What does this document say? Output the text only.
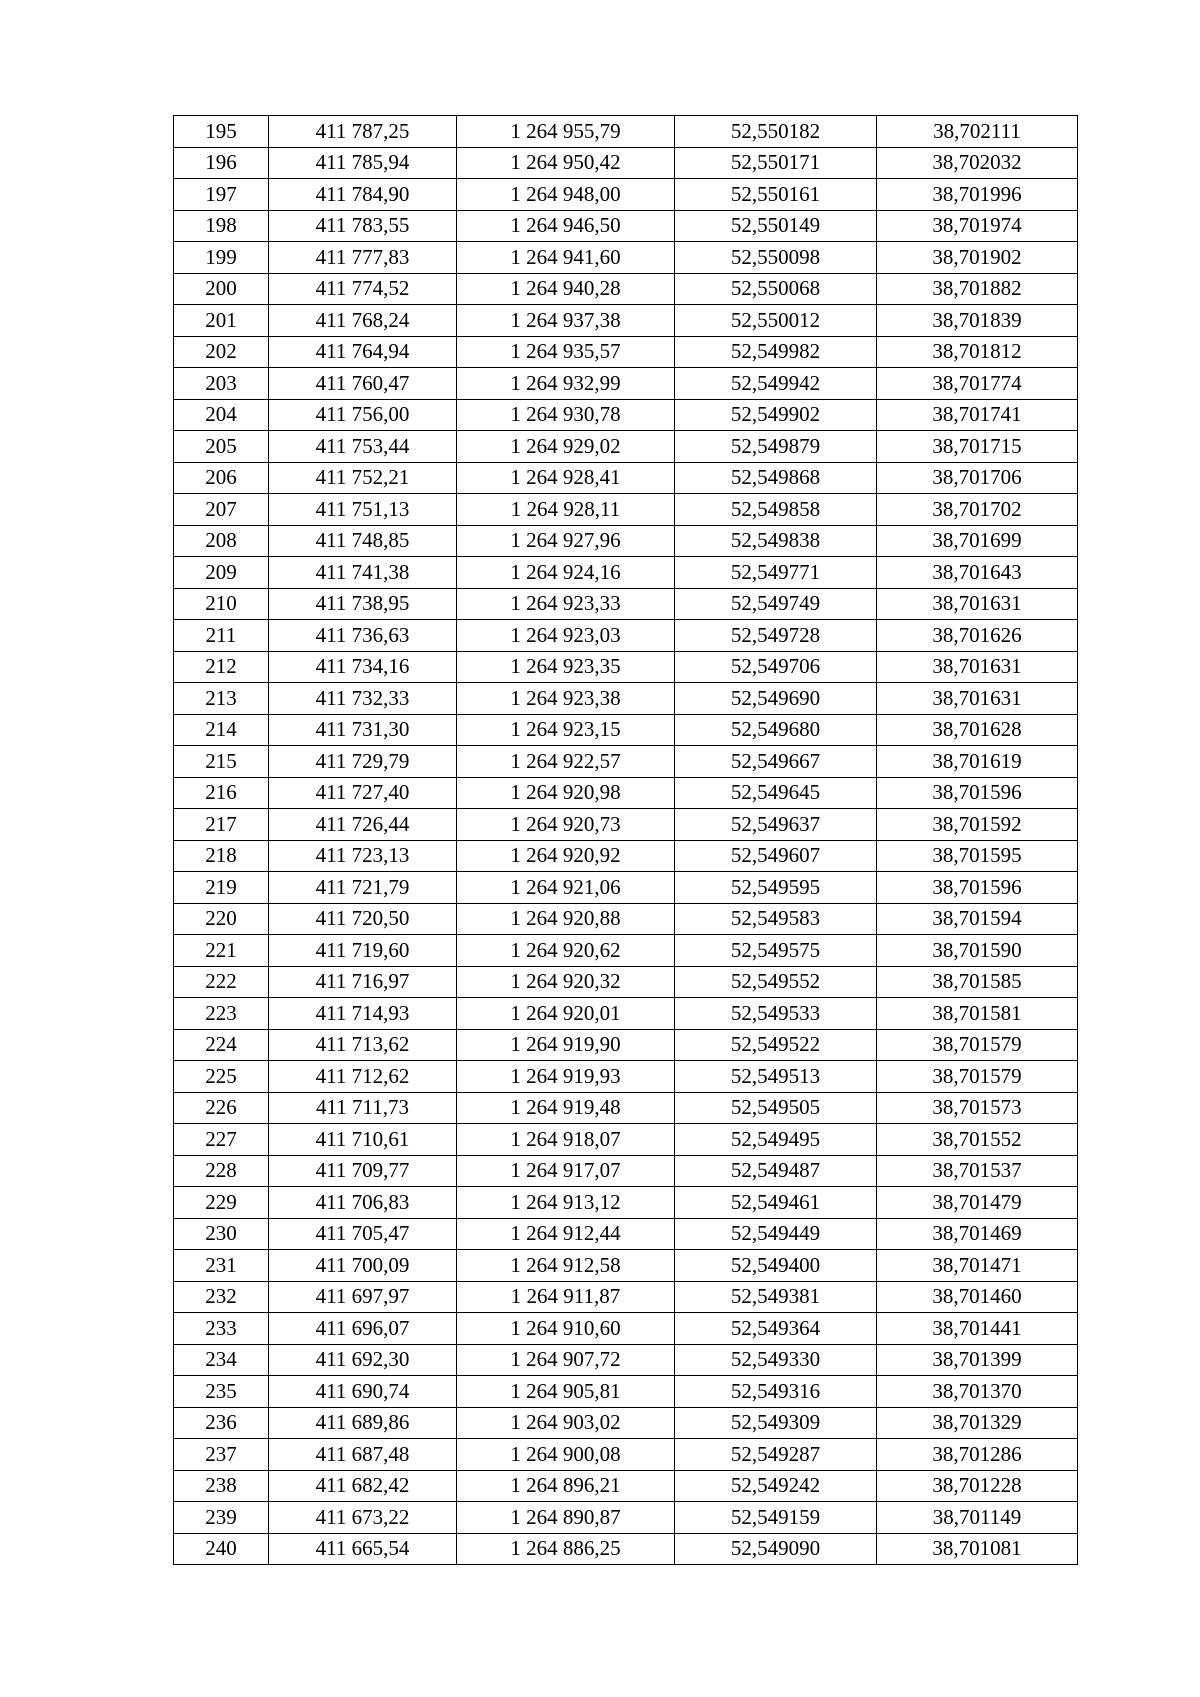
195	411 787,25	1 264 955,79	52,550182	38,702111
196	411 785,94	1 264 950,42	52,550171	38,702032
197	411 784,90	1 264 948,00	52,550161	38,701996
198	411 783,55	1 264 946,50	52,550149	38,701974
199	411 777,83	1 264 941,60	52,550098	38,701902
200	411 774,52	1 264 940,28	52,550068	38,701882
201	411 768,24	1 264 937,38	52,550012	38,701839
202	411 764,94	1 264 935,57	52,549982	38,701812
203	411 760,47	1 264 932,99	52,549942	38,701774
204	411 756,00	1 264 930,78	52,549902	38,701741
205	411 753,44	1 264 929,02	52,549879	38,701715
206	411 752,21	1 264 928,41	52,549868	38,701706
207	411 751,13	1 264 928,11	52,549858	38,701702
208	411 748,85	1 264 927,96	52,549838	38,701699
209	411 741,38	1 264 924,16	52,549771	38,701643
210	411 738,95	1 264 923,33	52,549749	38,701631
211	411 736,63	1 264 923,03	52,549728	38,701626
212	411 734,16	1 264 923,35	52,549706	38,701631
213	411 732,33	1 264 923,38	52,549690	38,701631
214	411 731,30	1 264 923,15	52,549680	38,701628
215	411 729,79	1 264 922,57	52,549667	38,701619
216	411 727,40	1 264 920,98	52,549645	38,701596
217	411 726,44	1 264 920,73	52,549637	38,701592
218	411 723,13	1 264 920,92	52,549607	38,701595
219	411 721,79	1 264 921,06	52,549595	38,701596
220	411 720,50	1 264 920,88	52,549583	38,701594
221	411 719,60	1 264 920,62	52,549575	38,701590
222	411 716,97	1 264 920,32	52,549552	38,701585
223	411 714,93	1 264 920,01	52,549533	38,701581
224	411 713,62	1 264 919,90	52,549522	38,701579
225	411 712,62	1 264 919,93	52,549513	38,701579
226	411 711,73	1 264 919,48	52,549505	38,701573
227	411 710,61	1 264 918,07	52,549495	38,701552
228	411 709,77	1 264 917,07	52,549487	38,701537
229	411 706,83	1 264 913,12	52,549461	38,701479
230	411 705,47	1 264 912,44	52,549449	38,701469
231	411 700,09	1 264 912,58	52,549400	38,701471
232	411 697,97	1 264 911,87	52,549381	38,701460
233	411 696,07	1 264 910,60	52,549364	38,701441
234	411 692,30	1 264 907,72	52,549330	38,701399
235	411 690,74	1 264 905,81	52,549316	38,701370
236	411 689,86	1 264 903,02	52,549309	38,701329
237	411 687,48	1 264 900,08	52,549287	38,701286
238	411 682,42	1 264 896,21	52,549242	38,701228
239	411 673,22	1 264 890,87	52,549159	38,701149
240	411 665,54	1 264 886,25	52,549090	38,701081
